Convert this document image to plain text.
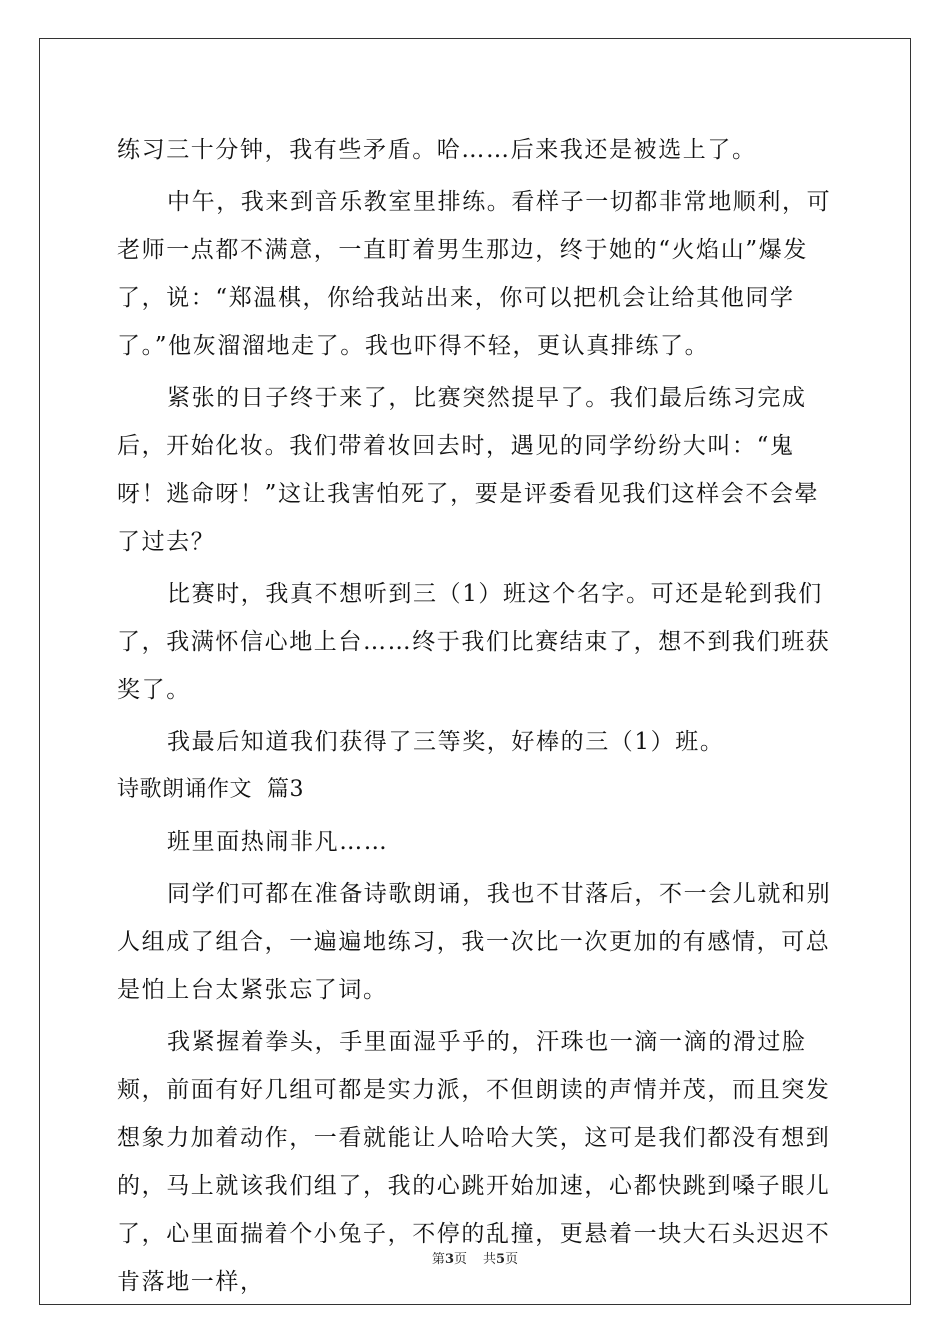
练习三十分钟，我有些矛盾。哈……后来我还是被选上了。

中午，我来到音乐教室里排练。看样子一切都非常地顺利，可老师一点都不满意，一直盯着男生那边，终于她的“火焰山”爆发了，说：“郑温棋，你给我站出来，你可以把机会让给其他同学了。”他灰溜溜地走了。我也吓得不轻，更认真排练了。

紧张的日子终于来了，比赛突然提早了。我们最后练习完成后，开始化妆。我们带着妆回去时，遇见的同学纷纷大叫：“鬼呀！逃命呀！”这让我害怕死了，要是评委看见我们这样会不会晕了过去？

比赛时，我真不想听到三（1）班这个名字。可还是轮到我们了，我满怀信心地上台……终于我们比赛结束了，想不到我们班获奖了。

我最后知道我们获得了三等奖，好棒的三（1）班。

诗歌朗诵作文  篇3

班里面热闹非凡……

同学们可都在准备诗歌朗诵，我也不甘落后，不一会儿就和别人组成了组合，一遍遍地练习，我一次比一次更加的有感情，可总是怕上台太紧张忘了词。

我紧握着拳头，手里面湿乎乎的，汗珠也一滴一滴的滑过脸颊，前面有好几组可都是实力派，不但朗读的声情并茂，而且突发想象力加着动作，一看就能让人哈哈大笑，这可是我们都没有想到的，马上就该我们组了，我的心跳开始加速，心都快跳到嗓子眼儿了，心里面揣着个小兔子，不停的乱撞，更悬着一块大石头迟迟不肯落地一样，

第3页 共5页
